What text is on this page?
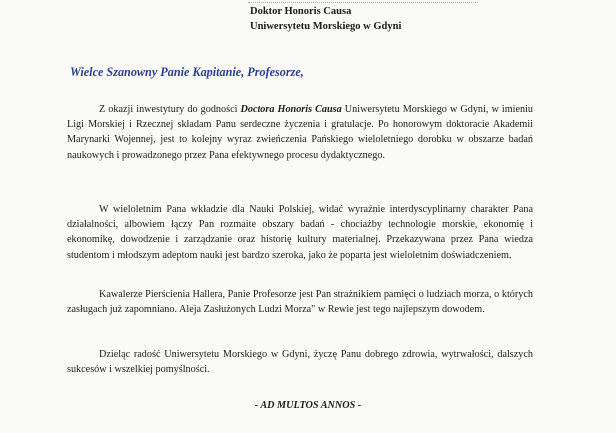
Doktor Honoris Causa
Uniwersytetu Morskiego w Gdyni
Wielce Szanowny Panie Kapitanie, Profesorze,

Z okazji inwestytury do godności Doctora Honoris Causa Uniwersytetu Morskiego w Gdyni, w imieniu Ligi Morskiej i Rzecznej składam Panu serdeczne życzenia i gratulacje. Po honorowym doktoracie Akademii Marynarki Wojennej, jest to kolejny wyraz zwieńczenia Pańskiego wieloletniego dorobku w obszarze badań naukowych i prowadzonego przez Pana efektywnego procesu dydaktycznego.

W wieloletnim Pana wkładzie dla Nauki Polskiej, widać wyraźnie interdyscyplinarny charakter Pana działalności, albowiem łączy Pan rozmaite obszary badań - chociażby technologie morskie, ekonomię i ekonomikę, dowodzenie i zarządzanie oraz historię kultury materialnej. Przekazywana przez Pana wiedza studentom i młodszym adeptom nauki jest bardzo szeroka, jako że poparta jest wieloletnim doświadczeniem.

Kawalerze Pierścienia Hallera, Panie Profesorze jest Pan strażnikiem pamięci o ludziach morza, o których zasługach już zapomniano. Aleja Zasłużonych Ludzi Morza" w Rewie jest tego najlepszym dowodem.

Dzieląc radość Uniwersytetu Morskiego w Gdyni, życzę Panu dobrego zdrowia, wytrwałości, dalszych sukcesów i wszelkiej pomyślności.

- AD MULTOS ANNOS -
